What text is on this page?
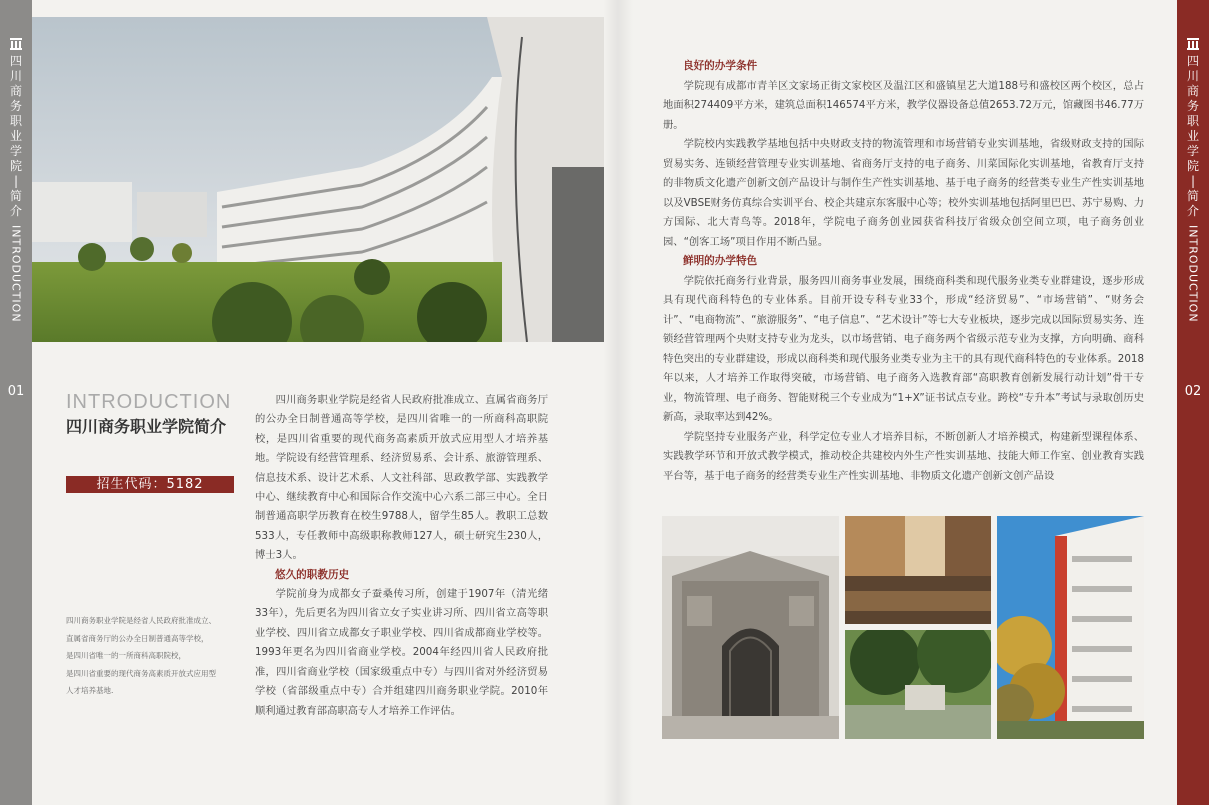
四
川
商
务
职
业
学
院
|
简
介
INTRODUCTION
01	INTRODUCTION
四川商务职业学院简介
招生代码：5182
四川商务职业学院是经省人民政府批准成立、
直属省商务厅的公办全日制普通高等学校，
是四川省唯一的一所商科高职院校，
是四川省重要的现代商务高素质开放式应用型
人才培养基地.

四川商务职业学院是经省人民政府批准成立、直属省商务厅的公办全日制普通高等学校，是四川省唯一的一所商科高职院校，是四川省重要的现代商务高素质开放式应用型人才培养基地。学院设有经营管理系、经济贸易系、会计系、旅游管理系、信息技术系、设计艺术系、人文社科部、思政教学部、实践教学中心、继续教育中心和国际合作交流中心六系二部三中心。全日制普通高职学历教育在校生9788人，留学生85人。教职工总数533人，专任教师中高级职称教师127人，硕士研究生230人，博士3人。

悠久的职教历史

学院前身为成都女子蚕桑传习所，创建于1907年（清光绪33年），先后更名为四川省立女子实业讲习所、四川省立高等职业学校、四川省立成都女子职业学校、四川省成都商业学校等。1993年更名为四川省商业学校。2004年经四川省人民政府批准，四川省商业学校（国家级重点中专）与四川省对外经济贸易学校（省部级重点中专）合并组建四川商务职业学院。2010年顺利通过教育部高职高专人才培养工作评估。

良好的办学条件

学院现有成都市青羊区文家场正街文家校区及温江区和盛镇星艺大道188号和盛校区两个校区，总占地面积274409平方米，建筑总面积146574平方米，教学仪器设备总值2653.72万元，馆藏图书46.77万册。

学院校内实践教学基地包括中央财政支持的物流管理和市场营销专业实训基地，省级财政支持的国际贸易实务、连锁经营管理专业实训基地、省商务厅支持的电子商务、川菜国际化实训基地，省教育厅支持的非物质文化遗产创新文创产品设计与制作生产性实训基地、基于电子商务的经营类专业生产性实训基地以及VBSE财务仿真综合实训平台、校企共建京东客服中心等；校外实训基地包括阿里巴巴、苏宁易购、力方国际、北大青鸟等。2018年，学院电子商务创业园获省科技厅省级众创空间立项，电子商务创业园、“创客工场”项目作用不断凸显。

鲜明的办学特色

学院依托商务行业背景，服务四川商务事业发展，围绕商科类和现代服务业类专业群建设，逐步形成具有现代商科特色的专业体系。目前开设专科专业33个，形成“经济贸易”、“市场营销”、“财务会计”、“电商物流”、“旅游服务”、“电子信息”、“艺术设计”等七大专业板块，逐步完成以国际贸易实务、连锁经营管理两个央财支持专业为龙头，以市场营销、电子商务两个省级示范专业为支撑，方向明确、商科特色突出的专业群建设，形成以商科类和现代服务业类专业为主干的具有现代商科特色的专业体系。2018年以来，人才培养工作取得突破，市场营销、电子商务入选教育部“高职教育创新发展行动计划”骨干专业，物流管理、电子商务、智能财税三个专业成为“1+X”证书试点专业。跨校“专升本”考试与录取创历史新高，录取率达到42%。

学院坚持专业服务产业，科学定位专业人才培养目标，不断创新人才培养模式，构建新型课程体系、实践教学环节和开放式教学模式，推动校企共建校内外生产性实训基地、技能大师工作室、创业教育实践平台等，基于电子商务的经营类专业生产性实训基地、非物质文化遗产创新文创产品设

四
川
商
务
职
业
学
院
|
简
介
INTRODUCTION
02
